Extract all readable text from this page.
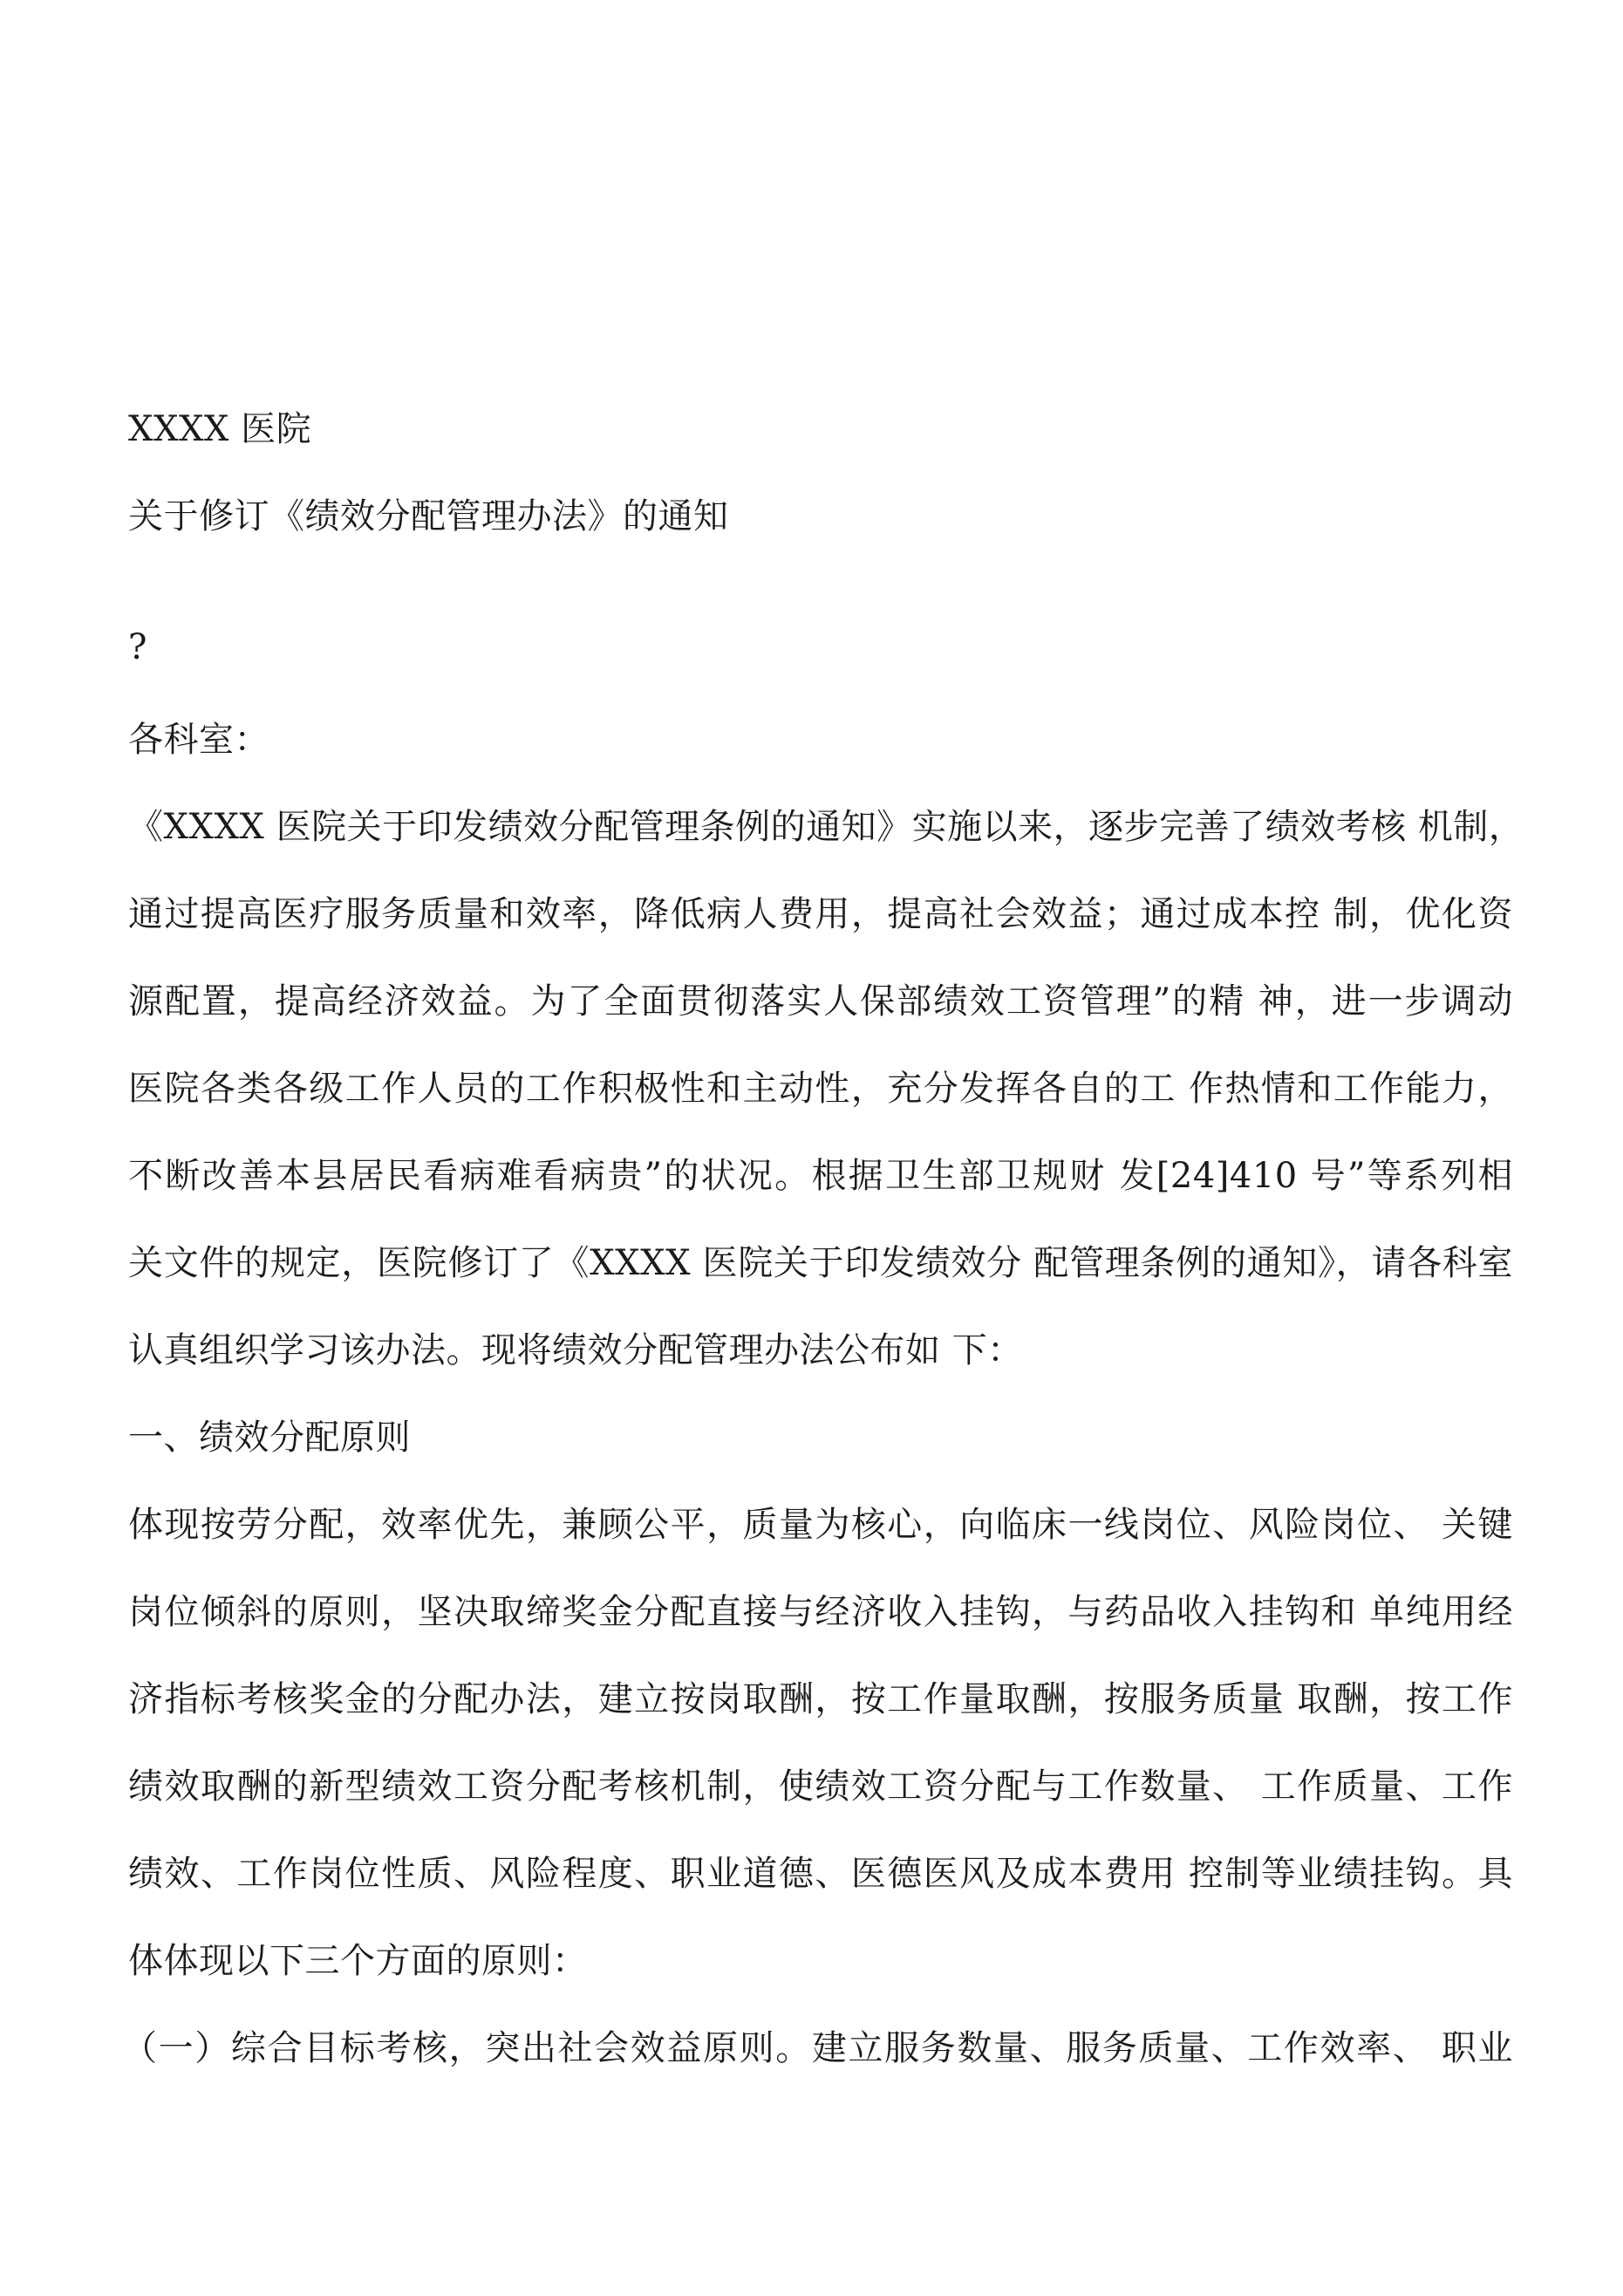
XXXX 医院

关于修订《绩效分配管理办法》的通知

?

各科室：

《XXXX 医院关于印发绩效分配管理条例的通知》实施以来，逐步完善了绩效考核 机制，

通过提高医疗服务质量和效率，降低病人费用，提高社会效益；通过成本控 制，优化资

源配置，提高经济效益。为了全面贯彻落实人保部绩效工资管理”的精 神，进一步调动

医院各类各级工作人员的工作积极性和主动性，充分发挥各自的工 作热情和工作能力，

不断改善本县居民看病难看病贵”的状况。根据卫生部卫规财 发[24]410 号”等系列相

关文件的规定，医院修订了《XXXX 医院关于印发绩效分 配管理条例的通知》，请各科室

认真组织学习该办法。现将绩效分配管理办法公布如 下：

一、绩效分配原则

体现按劳分配，效率优先，兼顾公平，质量为核心，向临床一线岗位、风险岗位、 关键

岗位倾斜的原则，坚决取缔奖金分配直接与经济收入挂钩，与药品收入挂钩和 单纯用经

济指标考核奖金的分配办法，建立按岗取酬，按工作量取酬，按服务质量 取酬，按工作

绩效取酬的新型绩效工资分配考核机制，使绩效工资分配与工作数量、 工作质量、工作

绩效、工作岗位性质、风险程度、职业道德、医德医风及成本费用 控制等业绩挂钩。具

体体现以下三个方面的原则：

（一）综合目标考核，突出社会效益原则。建立服务数量、服务质量、工作效率、 职业
